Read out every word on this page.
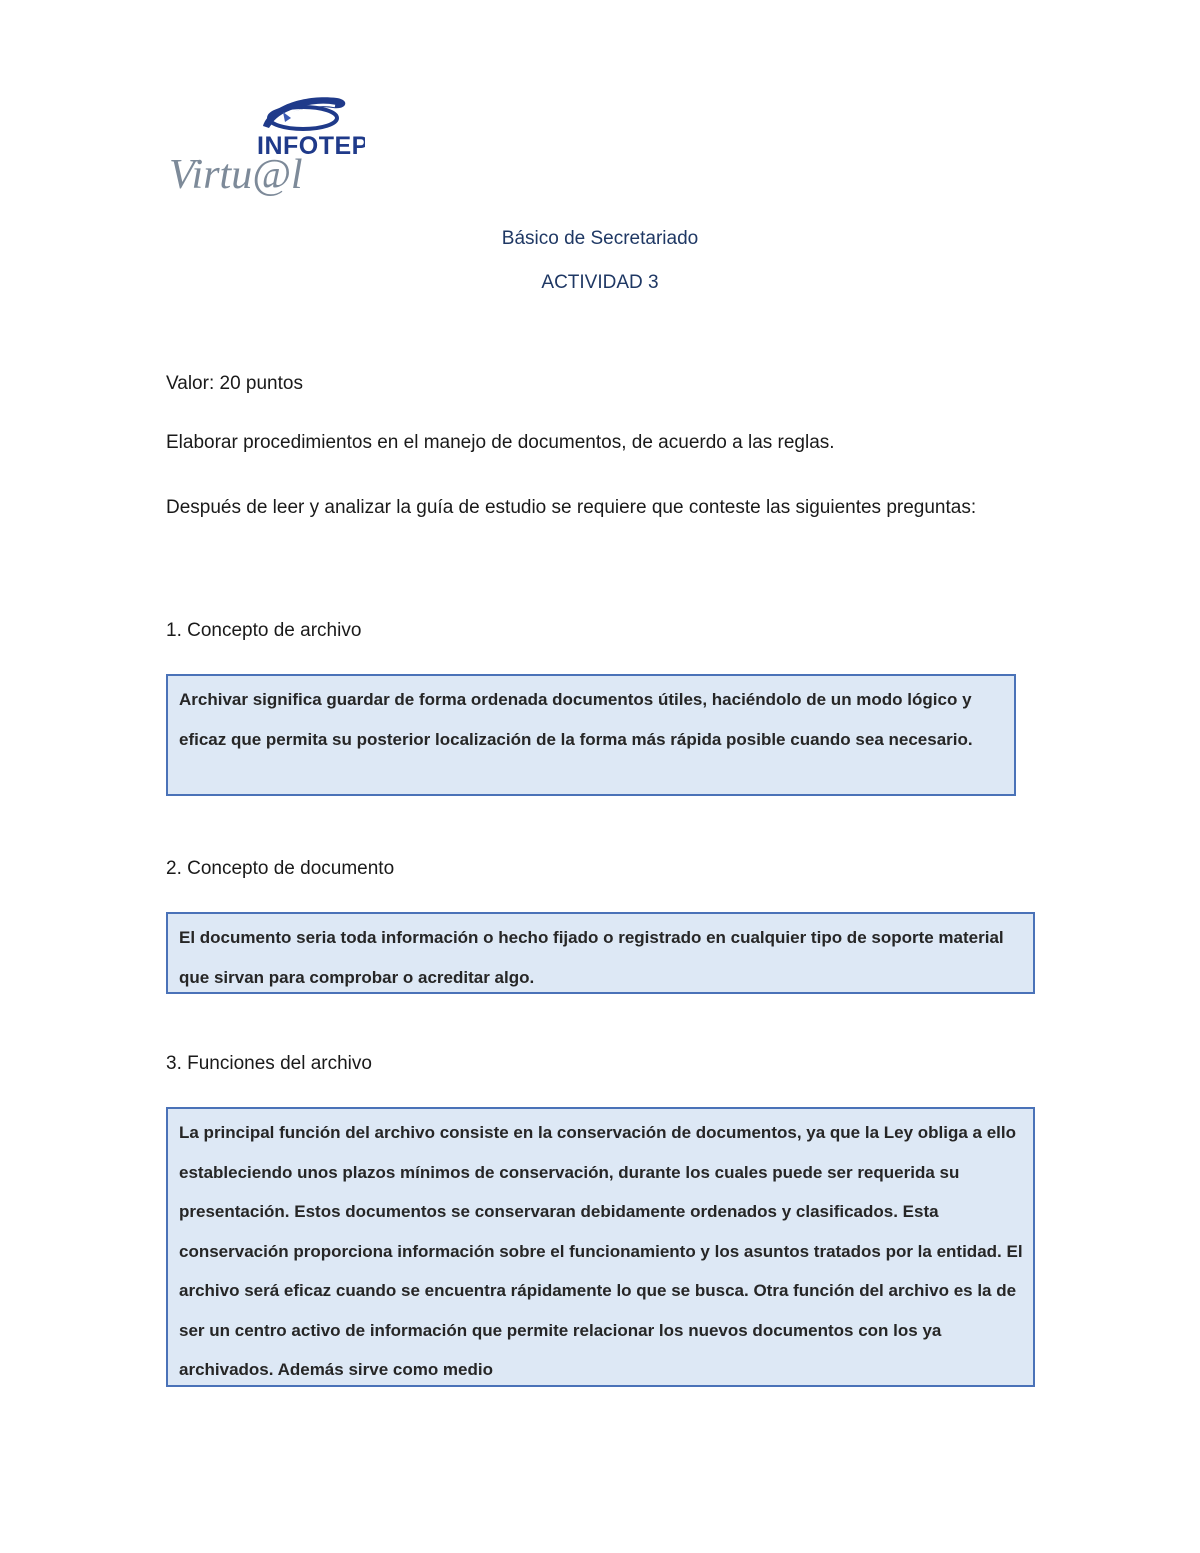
INFOTEP
Virtu@l
Básico de Secretariado
ACTIVIDAD 3
Valor: 20 puntos
Elaborar procedimientos en el manejo de documentos, de acuerdo a las reglas.
Después de leer y analizar la guía de estudio se requiere que conteste las siguientes preguntas:
1. Concepto de archivo
Archivar significa guardar de forma ordenada documentos útiles, haciéndolo de un modo lógico y eficaz que permita su posterior localización de la forma más rápida posible cuando sea necesario.
2. Concepto de documento
El documento seria toda información o hecho fijado o registrado en cualquier tipo de soporte material que sirvan para comprobar o acreditar algo.
3. Funciones del archivo
La principal función del archivo consiste en la conservación de documentos, ya que la Ley obliga a ello estableciendo unos plazos mínimos de conservación, durante los cuales puede ser requerida su presentación. Estos documentos se conservaran debidamente ordenados y clasificados. Esta conservación proporciona información sobre el funcionamiento y los asuntos tratados por la entidad. El archivo será eficaz cuando se encuentra rápidamente lo que se busca. Otra función del archivo es la de ser un centro activo de información que permite relacionar los nuevos documentos con los ya archivados. Además sirve como medio
